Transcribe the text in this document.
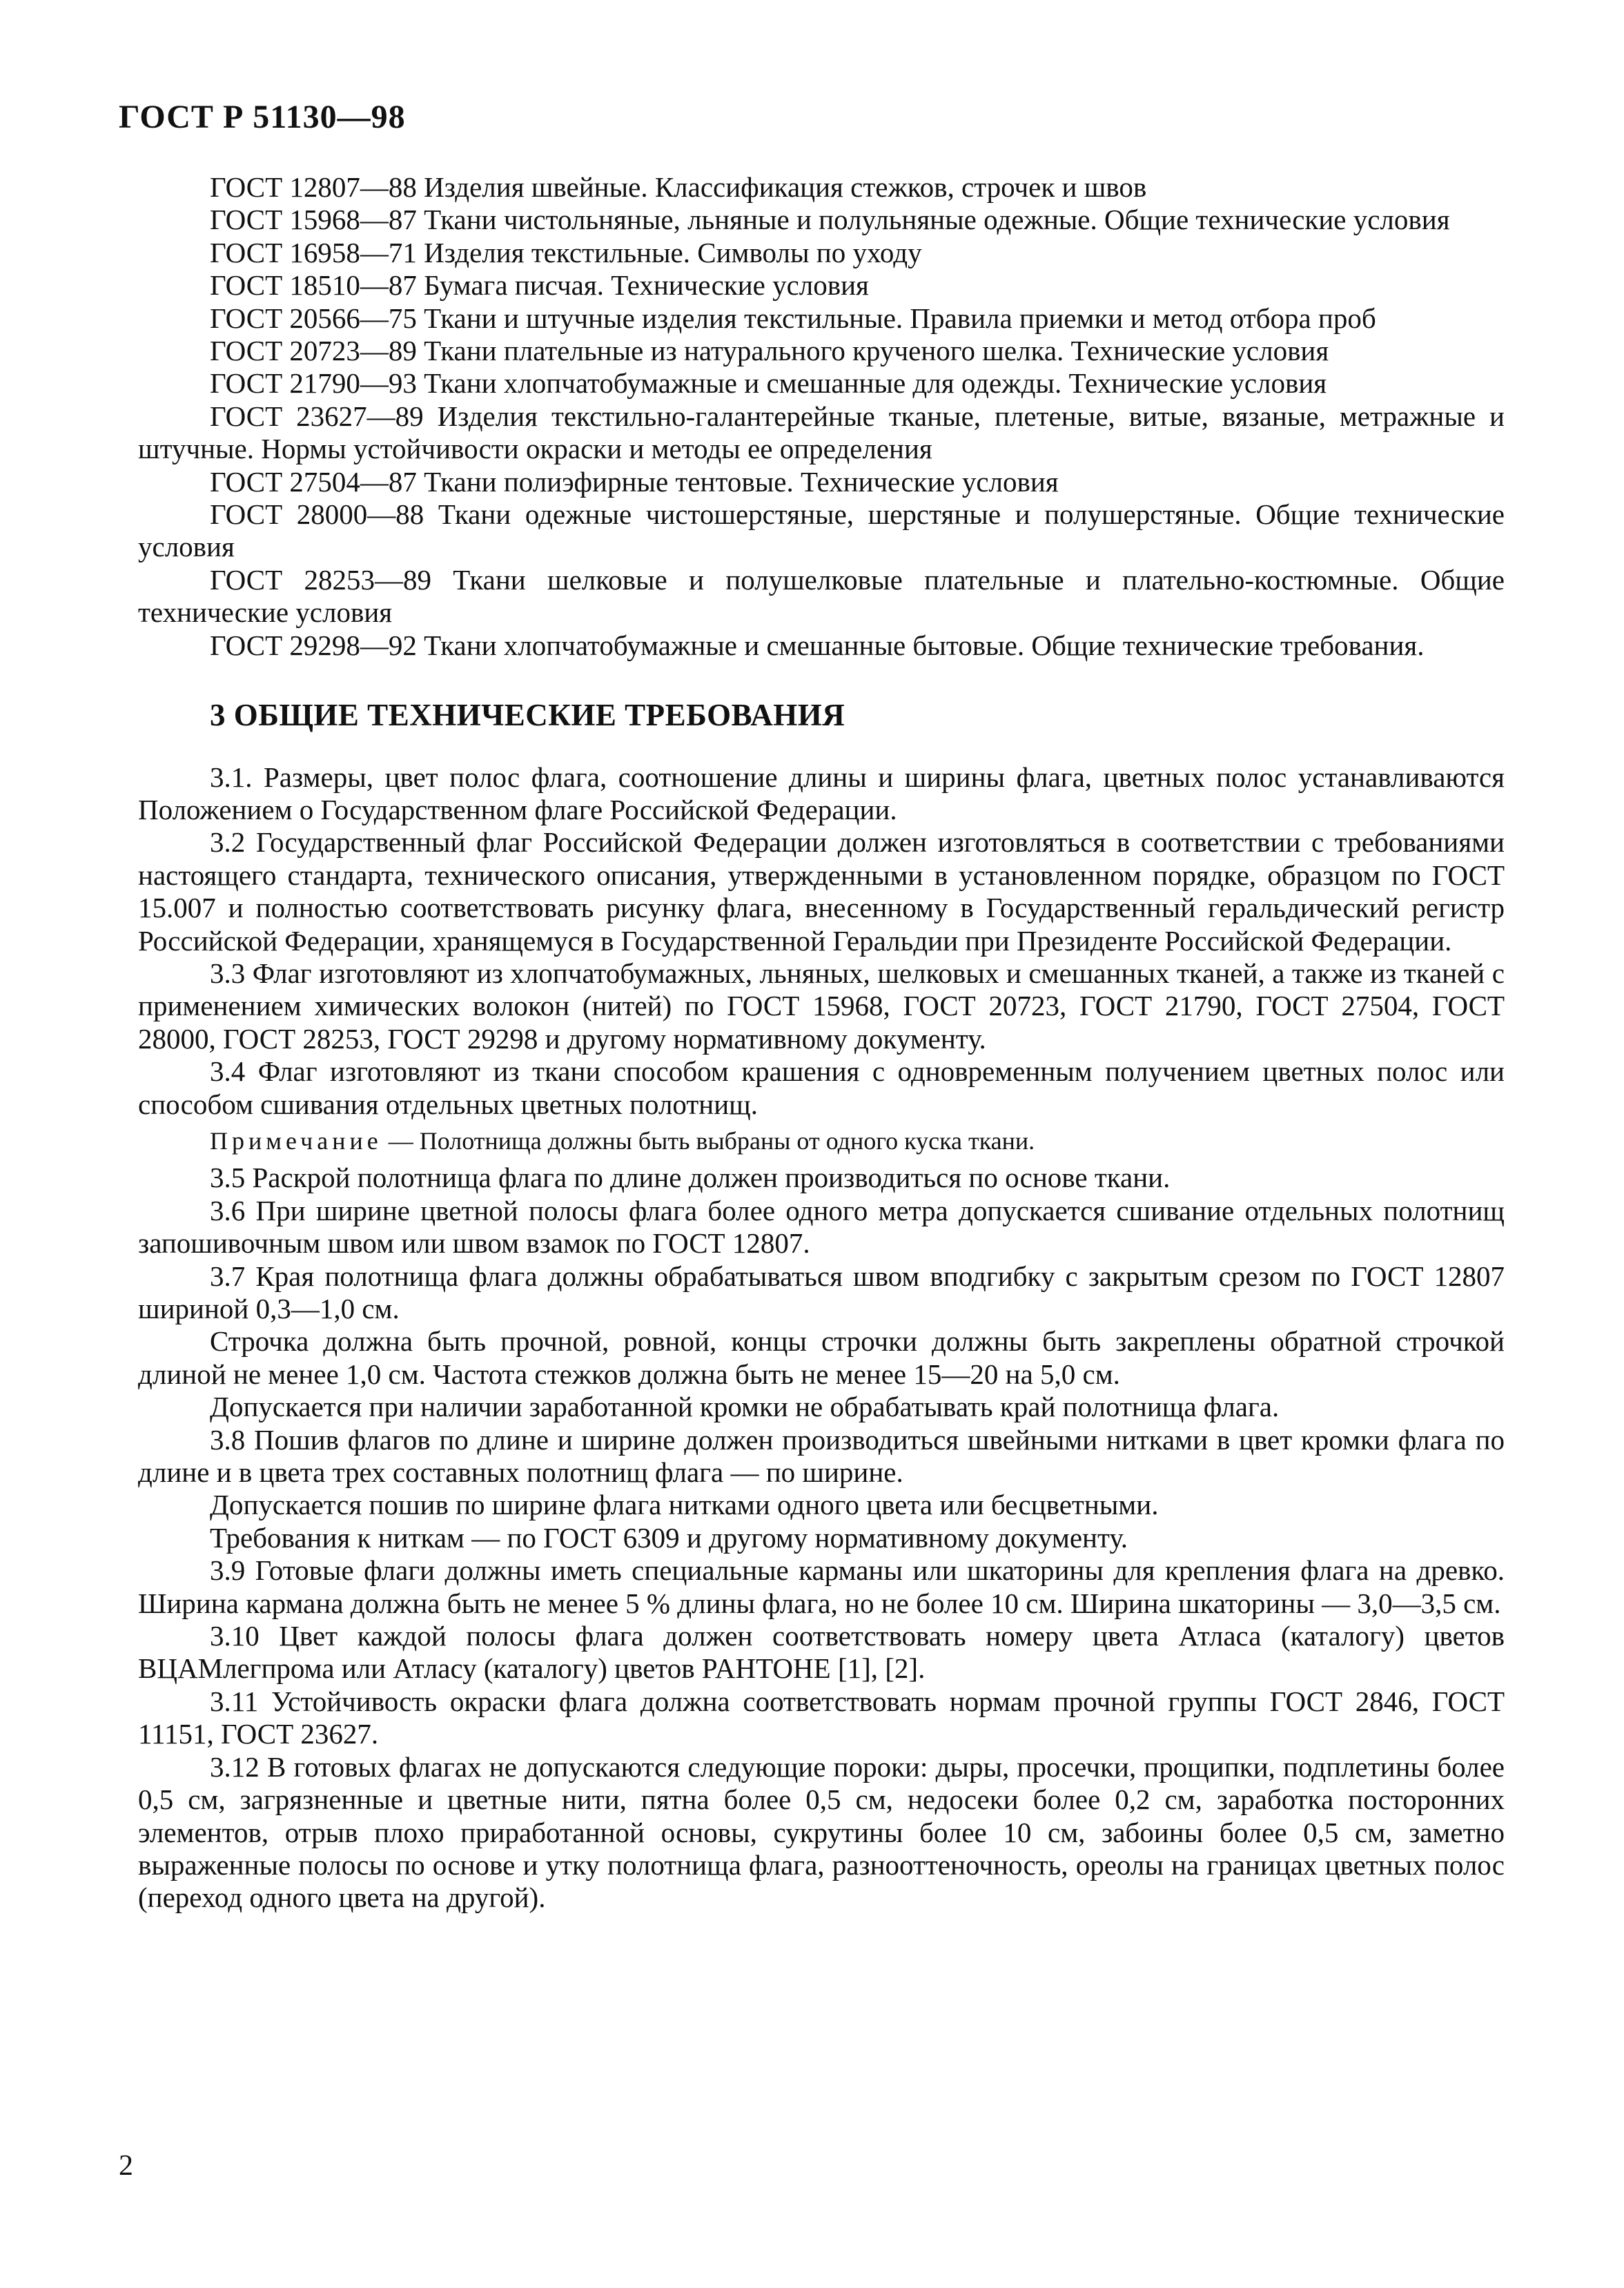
ГОСТ Р 51130—98

ГОСТ 12807—88 Изделия швейные. Классификация стежков, строчек и швов

ГОСТ 15968—87 Ткани чистольняные, льняные и полульняные одежные. Общие технические условия

ГОСТ 16958—71 Изделия текстильные. Символы по уходу

ГОСТ 18510—87 Бумага писчая. Технические условия

ГОСТ 20566—75 Ткани и штучные изделия текстильные. Правила приемки и метод отбора проб

ГОСТ 20723—89 Ткани плательные из натурального крученого шелка. Технические условия

ГОСТ 21790—93 Ткани хлопчатобумажные и смешанные для одежды. Технические условия

ГОСТ 23627—89 Изделия текстильно-галантерейные тканые, плетеные, витые, вязаные, метражные и штучные. Нормы устойчивости окраски и методы ее определения

ГОСТ 27504—87 Ткани полиэфирные тентовые. Технические условия

ГОСТ 28000—88 Ткани одежные чистошерстяные, шерстяные и полушерстяные. Общие технические условия

ГОСТ 28253—89 Ткани шелковые и полушелковые плательные и плательно-костюмные. Общие технические условия

ГОСТ 29298—92 Ткани хлопчатобумажные и смешанные бытовые. Общие технические требования.

3 ОБЩИЕ ТЕХНИЧЕСКИЕ ТРЕБОВАНИЯ

3.1. Размеры, цвет полос флага, соотношение длины и ширины флага, цветных полос устанавливаются Положением о Государственном флаге Российской Федерации.

3.2 Государственный флаг Российской Федерации должен изготовляться в соответствии с требованиями настоящего стандарта, технического описания, утвержденными в установленном порядке, образцом по ГОСТ 15.007 и полностью соответствовать рисунку флага, внесенному в Государственный геральдический регистр Российской Федерации, хранящемуся в Государственной Геральдии при Президенте Российской Федерации.

3.3 Флаг изготовляют из хлопчатобумажных, льняных, шелковых и смешанных тканей, а также из тканей с применением химических волокон (нитей) по ГОСТ 15968, ГОСТ 20723, ГОСТ 21790, ГОСТ 27504, ГОСТ 28000, ГОСТ 28253, ГОСТ 29298 и другому нормативному документу.

3.4 Флаг изготовляют из ткани способом крашения с одновременным получением цветных полос или способом сшивания отдельных цветных полотнищ.

Примечание — Полотнища должны быть выбраны от одного куска ткани.

3.5 Раскрой полотнища флага по длине должен производиться по основе ткани.

3.6 При ширине цветной полосы флага более одного метра допускается сшивание отдельных полотнищ запошивочным швом или швом взамок по ГОСТ 12807.

3.7 Края полотнища флага должны обрабатываться швом вподгибку с закрытым срезом по ГОСТ 12807 шириной 0,3—1,0 см.

Строчка должна быть прочной, ровной, концы строчки должны быть закреплены обратной строчкой длиной не менее 1,0 см. Частота стежков должна быть не менее 15—20 на 5,0 см.

Допускается при наличии заработанной кромки не обрабатывать край полотнища флага.

3.8 Пошив флагов по длине и ширине должен производиться швейными нитками в цвет кромки флага по длине и в цвета трех составных полотнищ флага — по ширине.

Допускается пошив по ширине флага нитками одного цвета или бесцветными.

Требования к ниткам — по ГОСТ 6309 и другому нормативному документу.

3.9 Готовые флаги должны иметь специальные карманы или шкаторины для крепления флага на древко. Ширина кармана должна быть не менее 5 % длины флага, но не более 10 см. Ширина шкаторины — 3,0—3,5 см.

3.10 Цвет каждой полосы флага должен соответствовать номеру цвета Атласа (каталогу) цветов ВЦАМлегпрома или Атласу (каталогу) цветов PAHTOHE [1], [2].

3.11 Устойчивость окраски флага должна соответствовать нормам прочной группы ГОСТ 2846, ГОСТ 11151, ГОСТ 23627.

3.12 В готовых флагах не допускаются следующие пороки: дыры, просечки, прощипки, подплетины более 0,5 см, загрязненные и цветные нити, пятна более 0,5 см, недосеки более 0,2 см, заработка посторонних элементов, отрыв плохо приработанной основы, сукрутины более 10 см, забоины более 0,5 см, заметно выраженные полосы по основе и утку полотнища флага, разнооттеночность, ореолы на границах цветных полос (переход одного цвета на другой).

2
